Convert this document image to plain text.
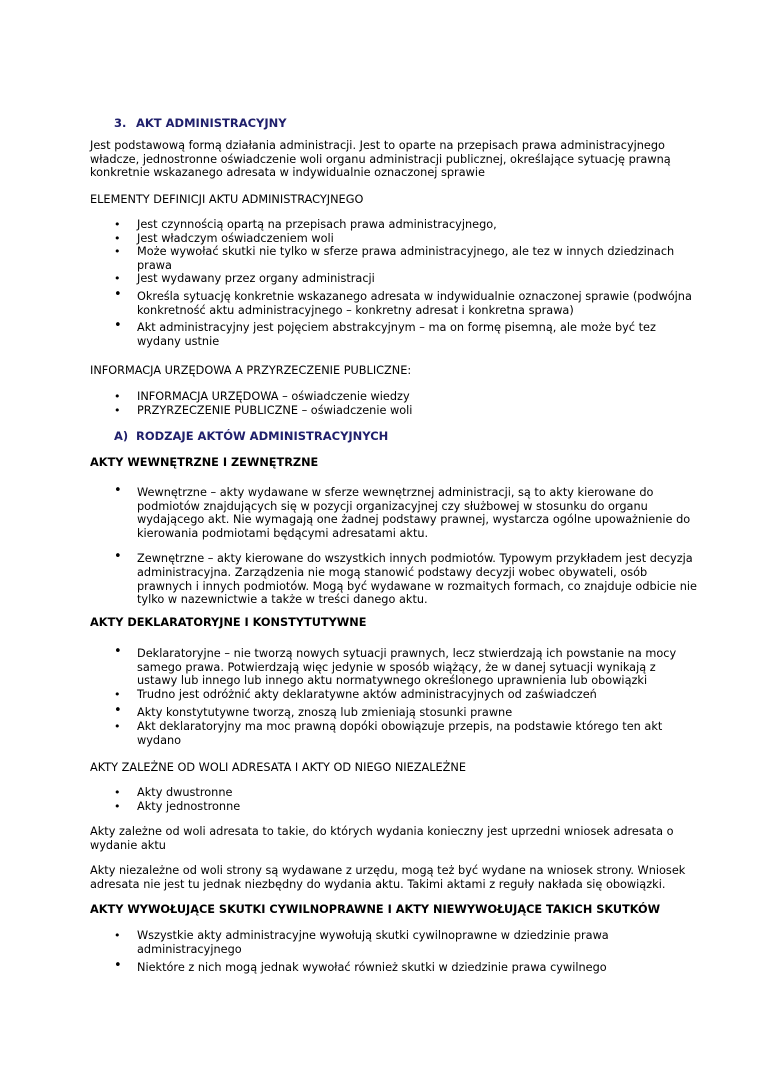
3. AKT ADMINISTRACYJNY
Jest podstawową formą działania administracji. Jest to oparte na przepisach prawa administracyjnego władcze, jednostronne oświadczenie woli organu administracji publicznej, określające sytuację prawną konkretnie wskazanego adresata w indywidualnie oznaczonej sprawie
ELEMENTY DEFINICJI AKTU ADMINISTRACYJNEGO
• Jest czynnością opartą na przepisach prawa administracyjnego,
• Jest władczym oświadczeniem woli
• Może wywołać skutki nie tylko w sferze prawa administracyjnego, ale tez w innych dziedzinach prawa
• Jest wydawany przez organy administracji
• Określa sytuację konkretnie wskazanego adresata w indywidualnie oznaczonej sprawie (podwójna konkretność aktu administracyjnego – konkretny adresat i konkretna sprawa)
• Akt administracyjny jest pojęciem abstrakcyjnym – ma on formę pisemną, ale może być tez wydany ustnie
INFORMACJA URZĘDOWA A PRZYRZECZENIE PUBLICZNE:
• INFORMACJA URZĘDOWA – oświadczenie wiedzy
• PRZYRZECZENIE PUBLICZNE – oświadczenie woli
A) RODZAJE AKTÓW ADMINISTRACYJNYCH
AKTY WEWNĘTRZNE I ZEWNĘTRZNE
• Wewnętrzne – akty wydawane w sferze wewnętrznej administracji, są to akty kierowane do podmiotów znajdujących się w pozycji organizacyjnej czy służbowej w stosunku do organu wydającego akt. Nie wymagają one żadnej podstawy prawnej, wystarcza ogólne upoważnienie do kierowania podmiotami będącymi adresatami aktu.
• Zewnętrzne – akty kierowane do wszystkich innych podmiotów. Typowym przykładem jest decyzja administracyjna. Zarządzenia nie mogą stanowić podstawy decyzji wobec obywateli, osób prawnych i innych podmiotów. Mogą być wydawane w rozmaitych formach, co znajduje odbicie nie tylko w nazewnictwie a także w treści danego aktu.
AKTY DEKLARATORYJNE I KONSTYTUTYWNE
• Deklaratoryjne – nie tworzą nowych sytuacji prawnych, lecz stwierdzają ich powstanie na mocy samego prawa. Potwierdzają więc jedynie w sposób wiążący, że w danej sytuacji wynikają z ustawy lub innego lub innego aktu normatywnego określonego uprawnienia lub obowiązki
• Trudno jest odróżnić akty deklaratywne aktów administracyjnych od zaświadczeń
• Akty konstytutywne tworzą, znoszą lub zmieniają stosunki prawne
• Akt deklaratoryjny ma moc prawną dopóki obowiązuje przepis, na podstawie którego ten akt wydano
AKTY ZALEŻNE OD WOLI ADRESATA I AKTY OD NIEGO NIEZALEŻNE
• Akty dwustronne
• Akty jednostronne
Akty zależne od woli adresata to takie, do których wydania konieczny jest uprzedni wniosek adresata o wydanie aktu
Akty niezależne od woli strony są wydawane z urzędu, mogą też być wydane na wniosek strony. Wniosek adresata nie jest tu jednak niezbędny do wydania aktu. Takimi aktami z reguły nakłada się obowiązki.
AKTY WYWOŁUJĄCE SKUTKI CYWILNOPRAWNE I AKTY NIEWYWOŁUJĄCE TAKICH SKUTKÓW
• Wszystkie akty administracyjne wywołują skutki cywilnoprawne w dziedzinie prawa administracyjnego
• Niektóre z nich mogą jednak wywołać również skutki w dziedzinie prawa cywilnego
